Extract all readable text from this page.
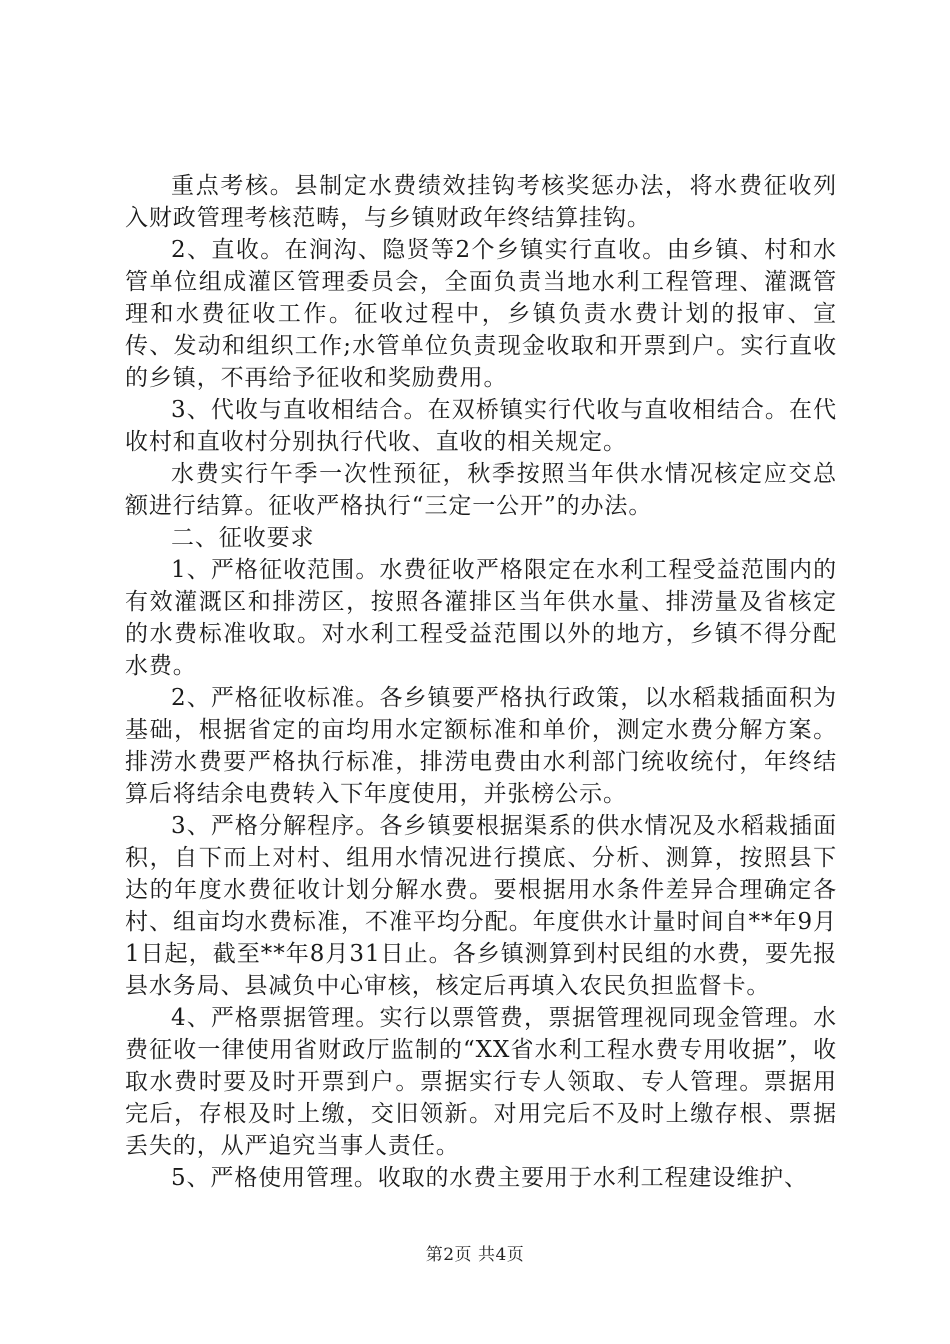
重点考核。县制定水费绩效挂钩考核奖惩办法，将水费征收列入财政管理考核范畴，与乡镇财政年终结算挂钩。

2、直收。在涧沟、隐贤等2个乡镇实行直收。由乡镇、村和水管单位组成灌区管理委员会，全面负责当地水利工程管理、灌溉管理和水费征收工作。征收过程中，乡镇负责水费计划的报审、宣传、发动和组织工作;水管单位负责现金收取和开票到户。实行直收的乡镇，不再给予征收和奖励费用。

3、代收与直收相结合。在双桥镇实行代收与直收相结合。在代收村和直收村分别执行代收、直收的相关规定。

水费实行午季一次性预征，秋季按照当年供水情况核定应交总额进行结算。征收严格执行“三定一公开”的办法。

二、征收要求

1、严格征收范围。水费征收严格限定在水利工程受益范围内的有效灌溉区和排涝区，按照各灌排区当年供水量、排涝量及省核定的水费标准收取。对水利工程受益范围以外的地方，乡镇不得分配水费。

2、严格征收标准。各乡镇要严格执行政策，以水稻栽插面积为基础，根据省定的亩均用水定额标准和单价，测定水费分解方案。排涝水费要严格执行标准，排涝电费由水利部门统收统付，年终结算后将结余电费转入下年度使用，并张榜公示。

3、严格分解程序。各乡镇要根据渠系的供水情况及水稻栽插面积，自下而上对村、组用水情况进行摸底、分析、测算，按照县下达的年度水费征收计划分解水费。要根据用水条件差异合理确定各村、组亩均水费标准，不准平均分配。年度供水计量时间自**年9月1日起，截至**年8月31日止。各乡镇测算到村民组的水费，要先报县水务局、县减负中心审核，核定后再填入农民负担监督卡。

4、严格票据管理。实行以票管费，票据管理视同现金管理。水费征收一律使用省财政厅监制的“XX省水利工程水费专用收据”，收取水费时要及时开票到户。票据实行专人领取、专人管理。票据用完后，存根及时上缴，交旧领新。对用完后不及时上缴存根、票据丢失的，从严追究当事人责任。

5、严格使用管理。收取的水费主要用于水利工程建设维护、

第2页 共4页
